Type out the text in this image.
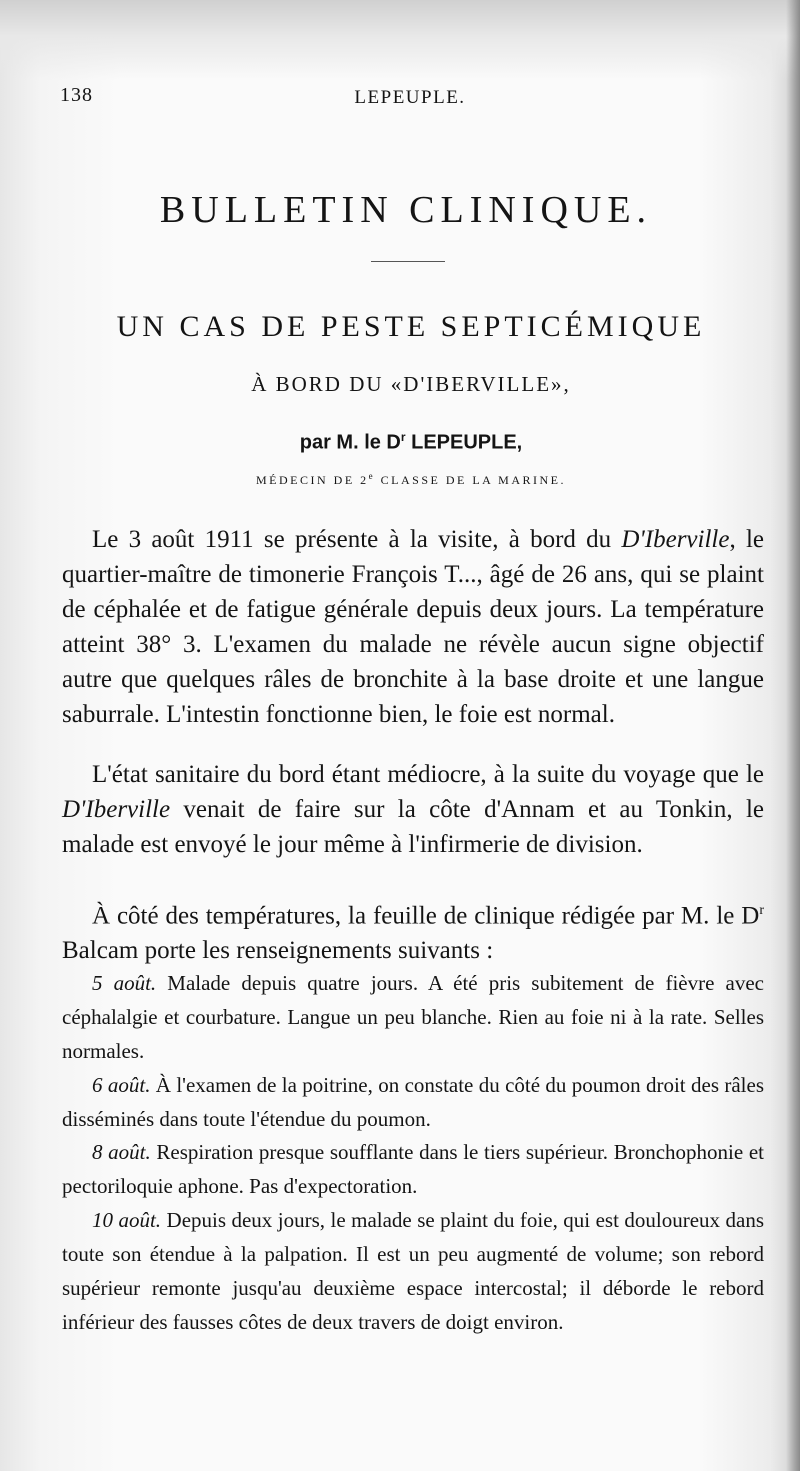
138	LEPEUPLE.
BULLETIN CLINIQUE.
UN CAS DE PESTE SEPTICÉMIQUE
À BORD DU «D'IBERVILLE»,
par M. le $D^r$ LEPEUPLE,
MÉDECIN DE 2e CLASSE DE LA MARINE.

Le 3 août 1911 se présente à la visite, à bord du D'Iberville, le quartier-maître de timonerie François T..., âgé de 26 ans, qui se plaint de céphalée et de fatigue générale depuis deux jours. La température atteint 38° 3. L'examen du malade ne révèle aucun signe objectif autre que quelques râles de bronchite à la base droite et une langue saburrale. L'intestin fonctionne bien, le foie est normal.

L'état sanitaire du bord étant médiocre, à la suite du voyage que le D'Iberville venait de faire sur la côte d'Annam et au Tonkin, le malade est envoyé le jour même à l'infirmerie de division.

À côté des températures, la feuille de clinique rédigée par M. le $D^r$ Balcam porte les renseignements suivants :

5 août. Malade depuis quatre jours. A été pris subitement de fièvre avec céphalalgie et courbature. Langue un peu blanche. Rien au foie ni à la rate. Selles normales.

6 août. À l'examen de la poitrine, on constate du côté du poumon droit des râles disséminés dans toute l'étendue du poumon.

8 août. Respiration presque soufflante dans le tiers supérieur. Bronchophonie et pectoriloquie aphone. Pas d'expectoration.

10 août. Depuis deux jours, le malade se plaint du foie, qui est douloureux dans toute son étendue à la palpation. Il est un peu augmenté de volume; son rebord supérieur remonte jusqu'au deuxième espace intercostal; il déborde le rebord inférieur des fausses côtes de deux travers de doigt environ.
